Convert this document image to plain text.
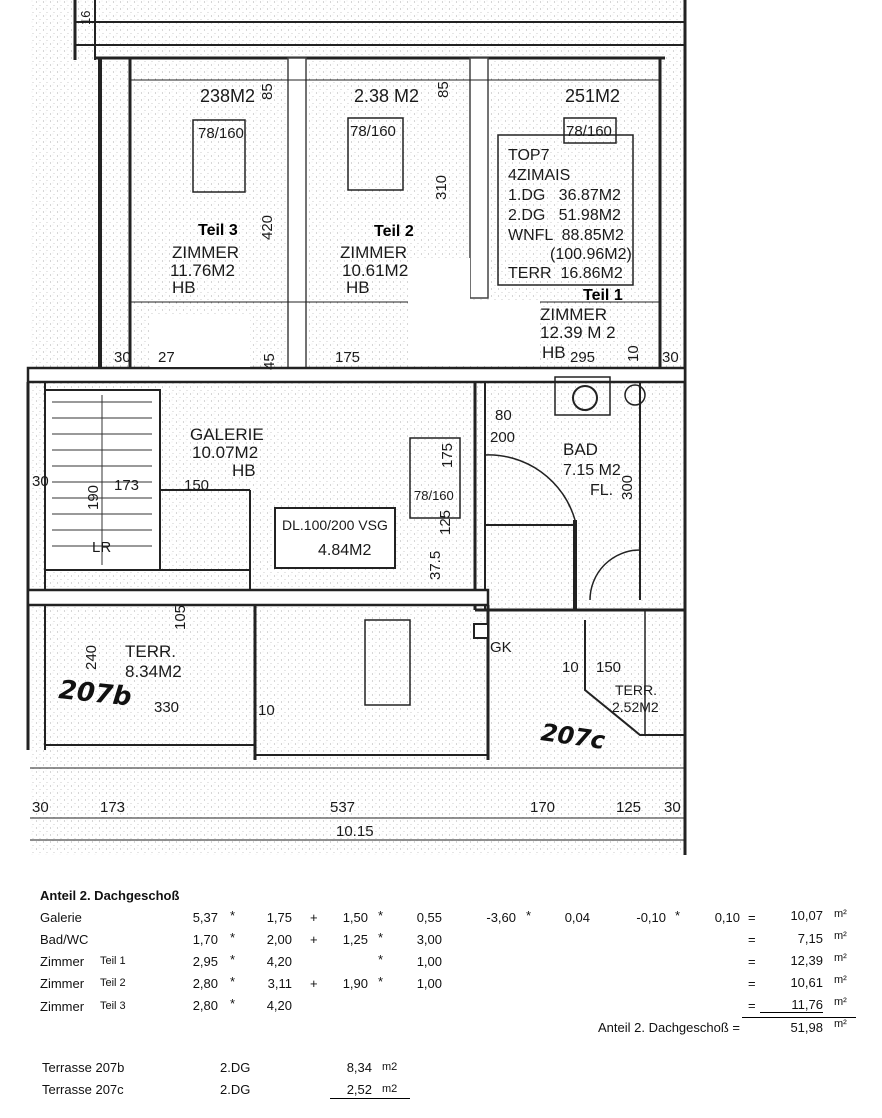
Teil 3	Teil 2
Teil 1
238M2
78/160
ZIMMER
11.76M2
HB
2.38 M2
78/160
ZIMMER
10.61M2
HB
251M2
78/160
TOP7
4ZIMAIS
1.DG   36.87M2
2.DG   51.98M2
WNFL  88.85M2
(100.96M2)
TERR  16.86M2
ZIMMER
12.39 M 2
HB
GALERIE
10.07M2
HB
DL.100/200 VSG
4.84M2
BAD
7.15 M2
FL.
TERR.
8.34M2
TERR.
2.52M2
207b
207c
16
85	85
420
310
30 27	45	175	295 10 30
80
200
175
78/160
125
37.5
300
30	173	150
190
LR
105
240
330	10
GK
150
10
30	173	537	170	125 30
10.15
Anteil 2. Dachgeschoß
Galerie	5,37 *	1,75 +	1,50 *	0,55	-3,60 *	0,04	-0,10 *	0,10 =	10,07 m²
Bad/WC	1,70 *	2,00 +	1,25 *	3,00	=	7,15 m²
Zimmer Teil 1	2,95 *	4,20	*	1,00	=	12,39 m²
Zimmer Teil 2	2,80 *	3,11 +	1,90 *	1,00	=	10,61 m²
Zimmer Teil 3	2,80 *	4,20	=	11,76 m²
Anteil 2. Dachgeschoß =	51,98 m²
Terrasse 207b	2.DG	8,34 m2
Terrasse 207c	2.DG	2,52 m2
